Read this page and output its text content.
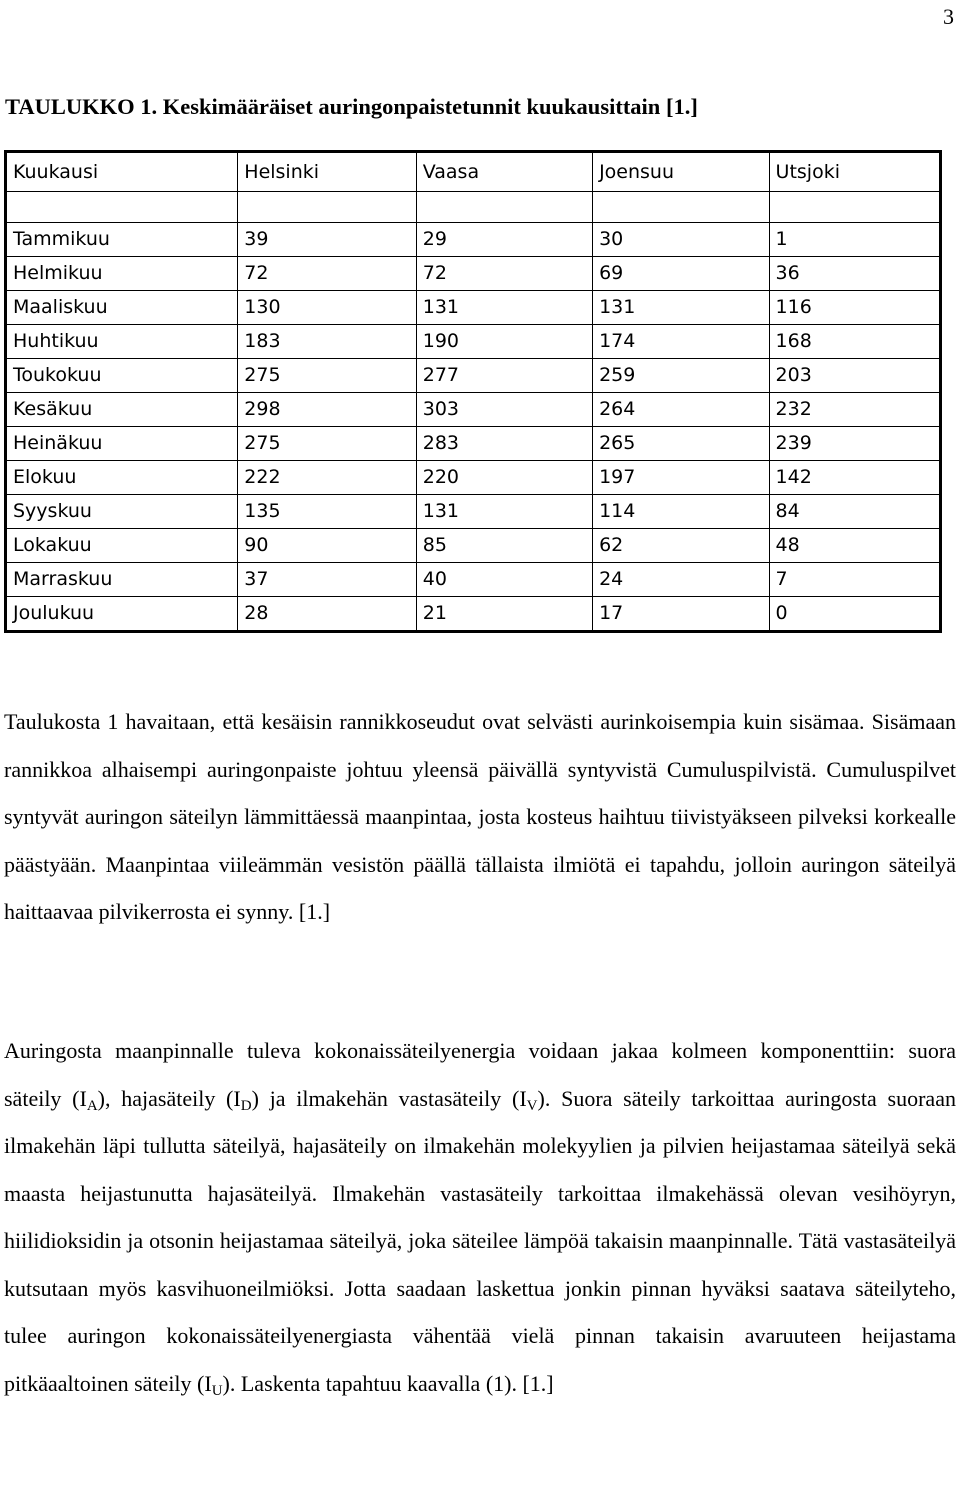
3
TAULUKKO 1. Keskimääräiset auringonpaistetunnit kuukausittain [1.]
Kuukausi	Helsinki	Vaasa	Joensuu	Utsjoki

Tammikuu	39	29	30	1
Helmikuu	72	72	69	36
Maaliskuu	130	131	131	116
Huhtikuu	183	190	174	168
Toukokuu	275	277	259	203
Kesäkuu	298	303	264	232
Heinäkuu	275	283	265	239
Elokuu	222	220	197	142
Syyskuu	135	131	114	84
Lokakuu	90	85	62	48
Marraskuu	37	40	24	7
Joulukuu	28	21	17	0

Taulukosta 1 havaitaan, että kesäisin rannikkoseudut ovat selvästi aurinkoisempia kuin sisämaa. Sisämaan rannikkoa alhaisempi auringonpaiste johtuu yleensä päivällä syntyvistä Cumuluspilvistä. Cumuluspilvet syntyvät auringon säteilyn lämmittäessä maanpintaa, josta kosteus haihtuu tiivistyäkseen pilveksi korkealle päästyään. Maanpintaa viileämmän vesistön päällä tällaista ilmiötä ei tapahdu, jolloin auringon säteilyä haittaavaa pilvikerrosta ei synny. [1.]

Auringosta maanpinnalle tuleva kokonaissäteilyenergia voidaan jakaa kolmeen komponenttiin: suora säteily $(I_A)$, hajasäteily $(I_D)$ ja ilmakehän vastasäteily $(I_V)$. Suora säteily tarkoittaa auringosta suoraan ilmakehän läpi tullutta säteilyä, hajasäteily on ilmakehän molekyylien ja pilvien heijastamaa säteilyä sekä maasta heijastunutta hajasäteilyä. Ilmakehän vastasäteily tarkoittaa ilmakehässä olevan vesihöyryn, hiilidioksidin ja otsonin heijastamaa säteilyä, joka säteilee lämpöä takaisin maanpinnalle. Tätä vastasäteilyä kutsutaan myös kasvihuoneilmiöksi. Jotta saadaan laskettua jonkin pinnan hyväksi saatava säteilyteho, tulee auringon kokonaissäteilyenergiasta vähentää vielä pinnan takaisin avaruuteen heijastama pitkäaaltoinen säteily $(I_U)$. Laskenta tapahtuu kaavalla (1). [1.]
